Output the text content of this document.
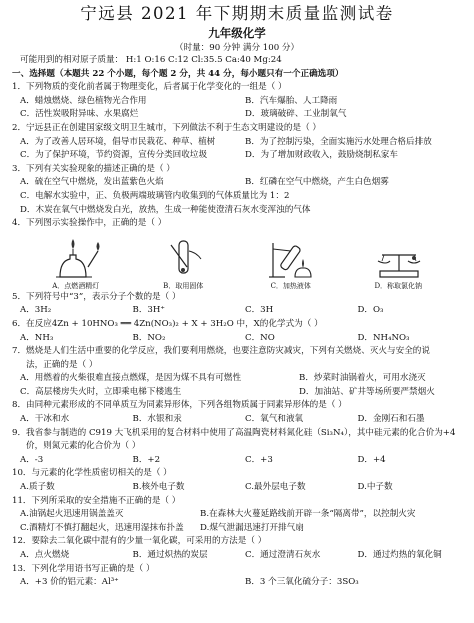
宁远县 2021 年下期期末质量监测试卷
九年级化学
（时量：90 分钟 满分 100 分）
可能用到的相对原子质量： H:1 O:16 C:12 Cl:35.5 Ca:40 Mg:24
一、选择题（本题共 22 个小题，每个题 2 分，共 44 分，每小题只有一个正确选项）
1．下列物质的变化前者属于物理变化，后者属于化学变化的一组是（ ）
A．蜡烛燃烧、绿色植物光合作用	B．汽车爆胎、人工降雨
C．活性炭吸附异味、水果腐烂	D．玻璃破碎、工业制氧气
2．宁远县正在创建国家级文明卫生城市，下列做法不利于生态文明建设的是（ ）
A．为了改善人居环境，倡导市民栽花、种草、植树	B．为了控制污染，全面实施污水处理合格后排放
C．为了保护环境，节约资源，宣传分类回收垃圾	D．为了增加财政收入，鼓励烧制私家车
3．下列有关实验现象的描述正确的是（ ）
A．硫在空气中燃烧，发出蓝紫色火焰	B．红磷在空气中燃烧，产生白色烟雾
C．电解水实验中，正、负极两端玻璃管内收集到的气体质量比为 1：2
D．木炭在氧气中燃烧发白光，放热，生成一种能使澄清石灰水变浑浊的气体
4．下列图示实验操作中，正确的是（ ）
A．点燃酒精灯	B．取用固体	C．加热液体	D．称取氯化钠
5．下列符号中“3”，表示分子个数的是（ ）
A．3H₂	B．3H⁺	C．3H	D．O₃
6．在反应4Zn + 10HNO₃ ══ 4Zn(NO₃)₂ + X + 3H₂O 中，X的化学式为（ ）
A．NH₃	B．NO₂	C．NO	D．NH₄NO₃
7．燃烧是人们生活中重要的化学反应，我们要利用燃烧，也要注意防灾减灾，下列有关燃烧、灭火与安全的说
法，正确的是（ ）
A．用燃着的火柴很难直接点燃煤，是因为煤不具有可燃性	B．炒菜时油锅着火，可用水浇灭
C．高层楼房失火时，立即乘电梯下楼逃生	D．加油站、矿井等场所要严禁烟火
8．由同种元素形成的不同单质互为同素异形体，下列各组物质属于同素异形体的是（ ）
A．干冰和水	B．水银和汞	C．氧气和液氧	D．金刚石和石墨
9．我省参与制造的 C919 大飞机采用的复合材料中使用了高温陶瓷材料氮化硅（Si₃N₄），其中硅元素的化合价为+4
价，则氮元素的化合价为（ ）
A．-3	B．+2	C．+3	D．+4
10．与元素的化学性质密切相关的是（ ）
A.质子数	B.核外电子数	C.最外层电子数	D.中子数
11．下列所采取的安全措施不正确的是（ ）
A.油锅起火迅速用锅盖盖灭	B.在森林大火蔓延路线前开辟一条“隔离带”，以控制火灾
C.酒精灯不慎打翻起火，迅速用湿抹布扑盖	D.煤气泄漏迅速打开排气扇
12．要除去二氧化碳中混有的少量一氧化碳，可采用的方法是（ ）
A．点火燃烧	B．通过炽热的炭层	C．通过澄清石灰水	D．通过灼热的氧化铜
13．下列化学用语书写正确的是（ ）
A．+3 价的铝元素：Al³⁺	B．3 个三氧化硫分子：3SO₃
